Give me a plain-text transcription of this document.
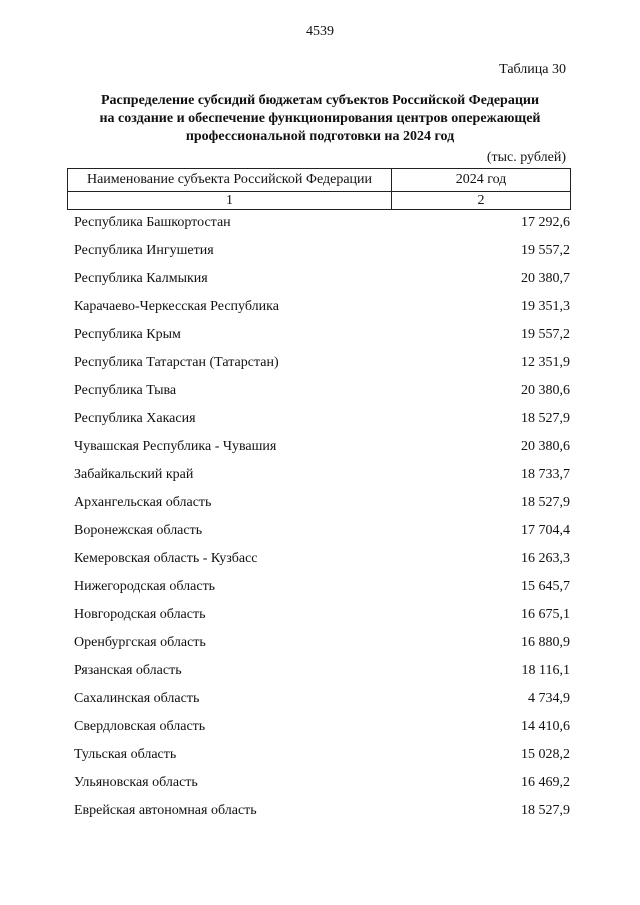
4539
Таблица 30
Распределение субсидий бюджетам субъектов Российской Федерации
на создание и обеспечение функционирования центров опережающей
профессиональной подготовки на 2024 год
(тыс. рублей)
Наименование субъекта Российской Федерации	2024 год
1	2
Республика Башкортостан	17 292,6
Республика Ингушетия	19 557,2
Республика Калмыкия	20 380,7
Карачаево-Черкесская Республика	19 351,3
Республика Крым	19 557,2
Республика Татарстан (Татарстан)	12 351,9
Республика Тыва	20 380,6
Республика Хакасия	18 527,9
Чувашская Республика - Чувашия	20 380,6
Забайкальский край	18 733,7
Архангельская область	18 527,9
Воронежская область	17 704,4
Кемеровская область - Кузбасс	16 263,3
Нижегородская область	15 645,7
Новгородская область	16 675,1
Оренбургская область	16 880,9
Рязанская область	18 116,1
Сахалинская область	4 734,9
Свердловская область	14 410,6
Тульская область	15 028,2
Ульяновская область	16 469,2
Еврейская автономная область	18 527,9
